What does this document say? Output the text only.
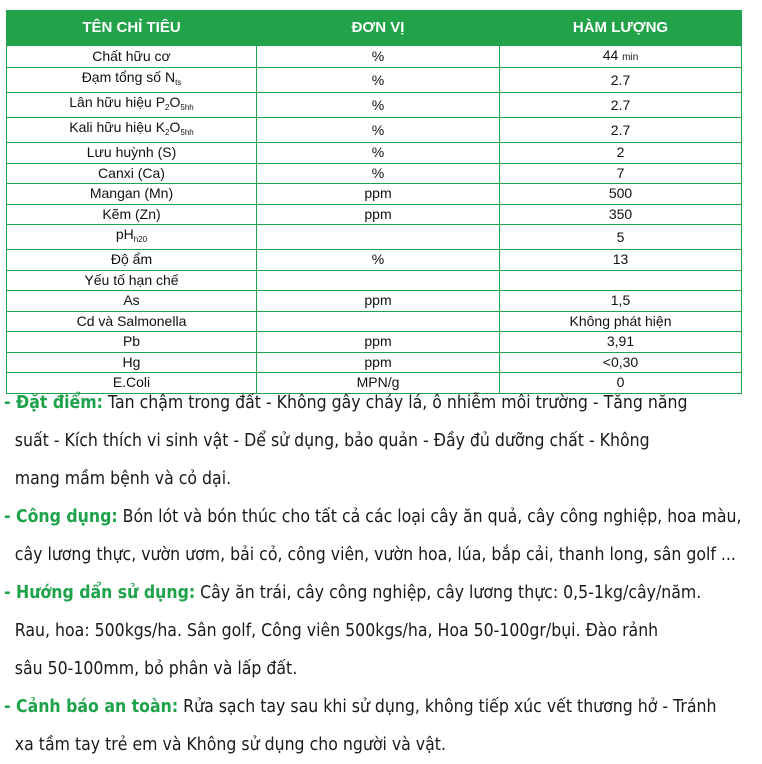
TÊN CHỈ TIÊU	ĐƠN VỊ	HÀM LƯỢNG
Chất hữu cơ	%	44 min
Đạm tổng số $N_{ts}$	%	2.7
Lân hữu hiệu $P_2O_{5hh}$	%	2.7
Kali hữu hiệu $K_2O_{5hh}$	%	2.7
Lưu huỳnh (S)	%	2
Canxi (Ca)	%	7
Mangan (Mn)	ppm	500
Kẽm (Zn)	ppm	350
$pH_{h20}$		5
Độ ẩm	%	13
Yếu tố hạn chế		
As	ppm	1,5
Cd và Salmonella		Không phát hiện
Pb	ppm	3,91
Hg	ppm	<0,30
E.Coli	MPN/g	0

- Đặt điểm: Tan chậm trong đất - Không gây cháy lá, ô nhiễm môi trường - Tăng năng

suất - Kích thích vi sinh vật - Dể sử dụng, bảo quản - Đầy đủ dưỡng chất - Không

mang mầm bệnh và cỏ dại.

- Công dụng: Bón lót và bón thúc cho tất cả các loại cây ăn quả, cây công nghiệp, hoa màu,

cây lương thực, vườn ươm, bải cỏ, công viên, vườn hoa, lúa, bắp cải, thanh long, sân golf ...

- Hướng dẩn sử dụng: Cây ăn trái, cây công nghiệp, cây lương thực: 0,5-1kg/cây/năm.

Rau, hoa: 500kgs/ha. Sân golf, Công viên 500kgs/ha, Hoa 50-100gr/bụi. Đào rảnh

sâu 50-100mm, bỏ phân và lấp đất.

- Cảnh báo an toàn: Rửa sạch tay sau khi sử dụng, không tiếp xúc vết thương hở - Tránh

xa tầm tay trẻ em và Không sử dụng cho người và vật.
